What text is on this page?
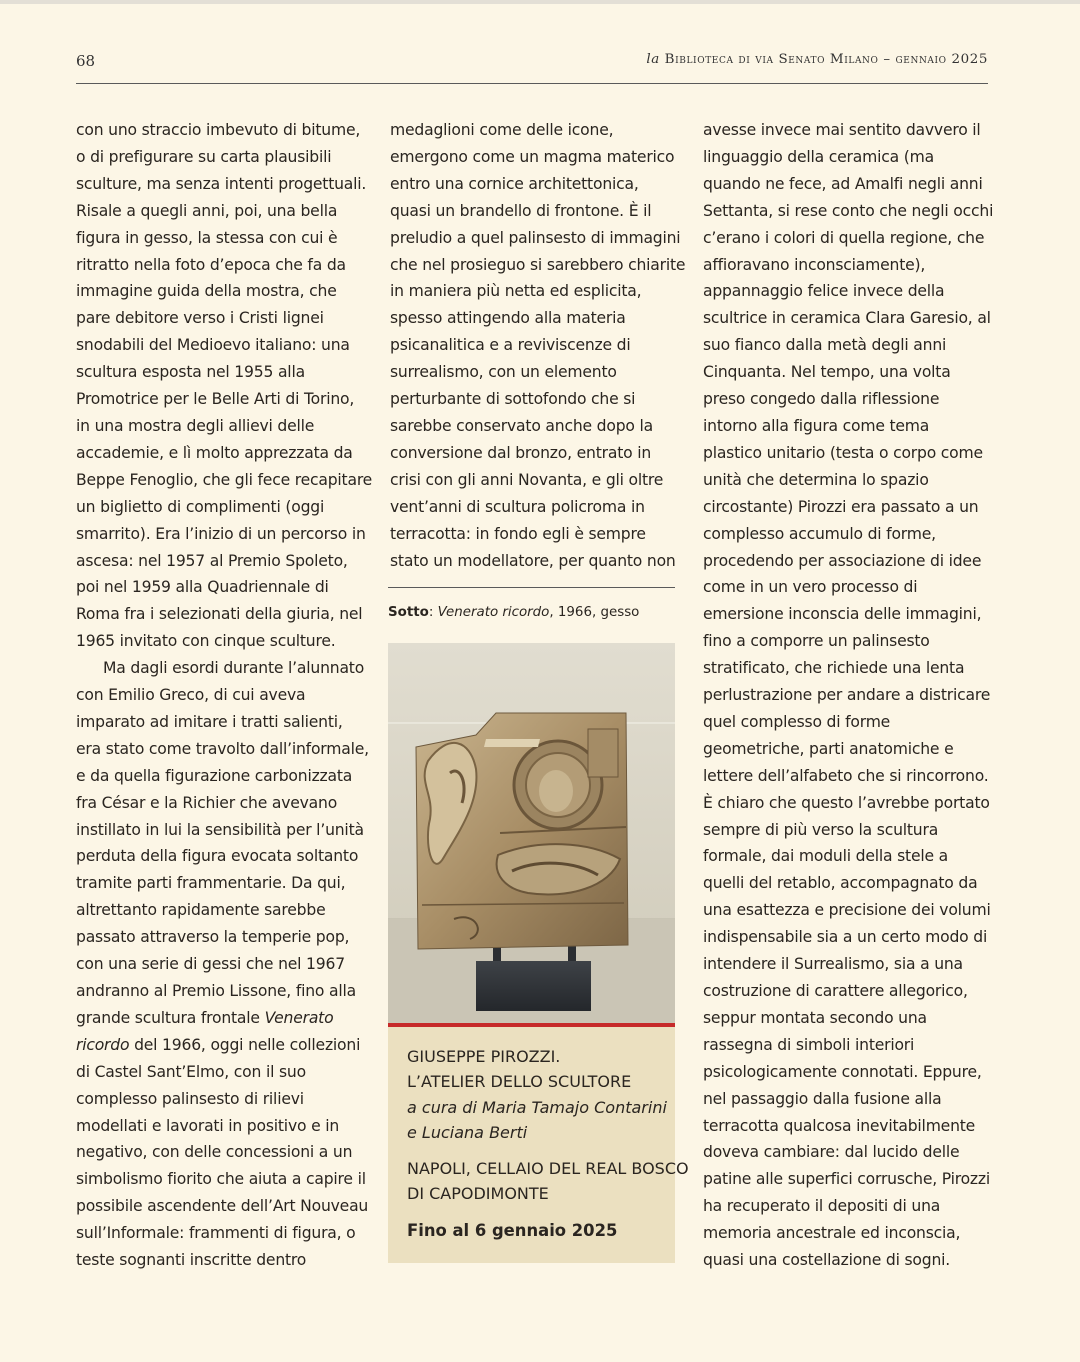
68	la Biblioteca di via Senato Milano – gennaio 2025

con uno straccio imbevuto di bitume,
o di prefigurare su carta plausibili
sculture, ma senza intenti progettuali.
Risale a quegli anni, poi, una bella
figura in gesso, la stessa con cui è
ritratto nella foto d’epoca che fa da
immagine guida della mostra, che
pare debitore verso i Cristi lignei
snodabili del Medioevo italiano: una
scultura esposta nel 1955 alla
Promotrice per le Belle Arti di Torino,
in una mostra degli allievi delle
accademie, e lì molto apprezzata da
Beppe Fenoglio, che gli fece recapitare
un biglietto di complimenti (oggi
smarrito). Era l’inizio di un percorso in
ascesa: nel 1957 al Premio Spoleto,
poi nel 1959 alla Quadriennale di
Roma fra i selezionati della giuria, nel
1965 invitato con cinque sculture.

Ma dagli esordi durante l’alunnato
con Emilio Greco, di cui aveva
imparato ad imitare i tratti salienti,
era stato come travolto dall’informale,
e da quella figurazione carbonizzata
fra César e la Richier che avevano
instillato in lui la sensibilità per l’unità
perduta della figura evocata soltanto
tramite parti frammentarie. Da qui,
altrettanto rapidamente sarebbe
passato attraverso la temperie pop,
con una serie di gessi che nel 1967
andranno al Premio Lissone, fino alla
grande scultura frontale Venerato
ricordo del 1966, oggi nelle collezioni
di Castel Sant’Elmo, con il suo
complesso palinsesto di rilievi
modellati e lavorati in positivo e in
negativo, con delle concessioni a un
simbolismo fiorito che aiuta a capire il
possibile ascendente dell’Art Nouveau
sull’Informale: frammenti di figura, o
teste sognanti inscritte dentro

medaglioni come delle icone,
emergono come un magma materico
entro una cornice architettonica,
quasi un brandello di frontone. È il
preludio a quel palinsesto di immagini
che nel prosieguo si sarebbero chiarite
in maniera più netta ed esplicita,
spesso attingendo alla materia
psicanalitica e a reviviscenze di
surrealismo, con un elemento
perturbante di sottofondo che si
sarebbe conservato anche dopo la
conversione dal bronzo, entrato in
crisi con gli anni Novanta, e gli oltre
vent’anni di scultura policroma in
terracotta: in fondo egli è sempre
stato un modellatore, per quanto non

Sotto: Venerato ricordo, 1966, gesso
GIUSEPPE PIROZZI.
L’ATELIER DELLO SCULTORE
a cura di Maria Tamajo Contarini
e Luciana Berti
NAPOLI, CELLAIO DEL REAL BOSCO
DI CAPODIMONTE
Fino al 6 gennaio 2025

avesse invece mai sentito davvero il
linguaggio della ceramica (ma
quando ne fece, ad Amalfi negli anni
Settanta, si rese conto che negli occhi
c’erano i colori di quella regione, che
affioravano inconsciamente),
appannaggio felice invece della
scultrice in ceramica Clara Garesio, al
suo fianco dalla metà degli anni
Cinquanta. Nel tempo, una volta
preso congedo dalla riflessione
intorno alla figura come tema
plastico unitario (testa o corpo come
unità che determina lo spazio
circostante) Pirozzi era passato a un
complesso accumulo di forme,
procedendo per associazione di idee
come in un vero processo di
emersione inconscia delle immagini,
fino a comporre un palinsesto
stratificato, che richiede una lenta
perlustrazione per andare a districare
quel complesso di forme
geometriche, parti anatomiche e
lettere dell’alfabeto che si rincorrono.
È chiaro che questo l’avrebbe portato
sempre di più verso la scultura
formale, dai moduli della stele a
quelli del retablo, accompagnato da
una esattezza e precisione dei volumi
indispensabile sia a un certo modo di
intendere il Surrealismo, sia a una
costruzione di carattere allegorico,
seppur montata secondo una
rassegna di simboli interiori
psicologicamente connotati. Eppure,
nel passaggio dalla fusione alla
terracotta qualcosa inevitabilmente
doveva cambiare: dal lucido delle
patine alle superfici corrusche, Pirozzi
ha recuperato il depositi di una
memoria ancestrale ed inconscia,
quasi una costellazione di sogni.
